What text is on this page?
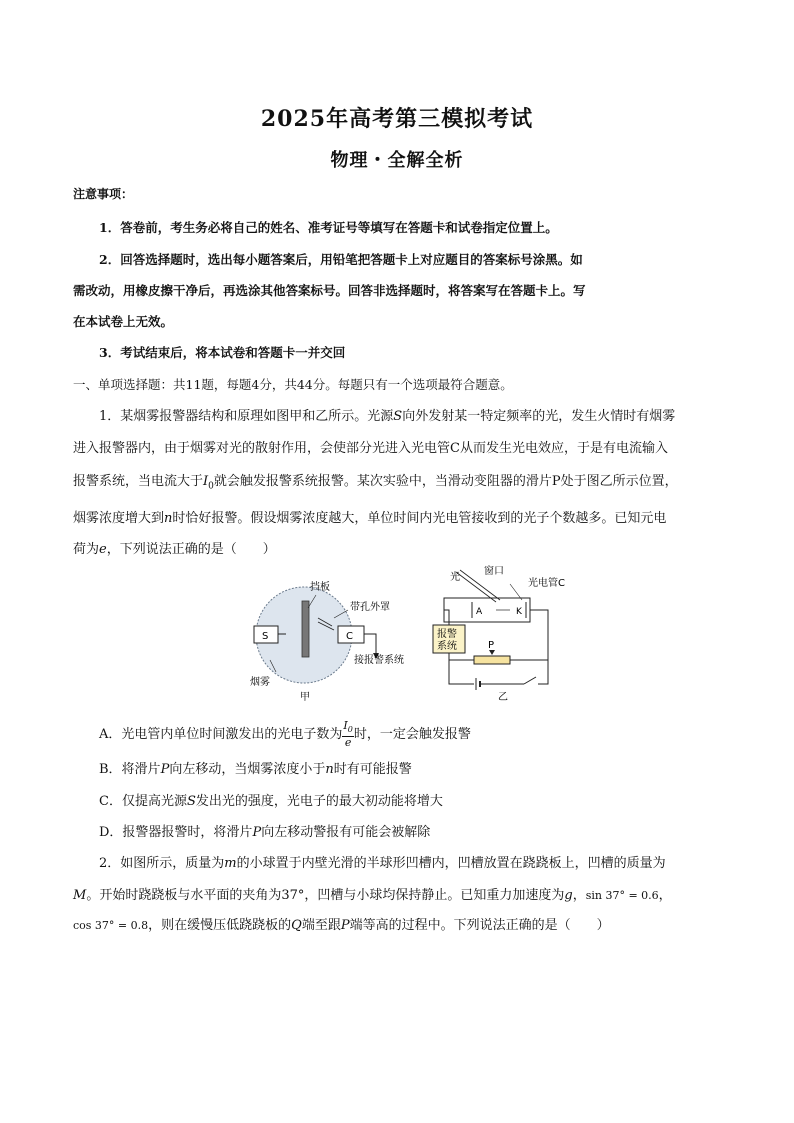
2025年高考第三模拟考试
物理・全解全析
注意事项：
1．答卷前，考生务必将自己的姓名、准考证号等填写在答题卡和试卷指定位置上。
2．回答选择题时，选出每小题答案后，用铅笔把答题卡上对应题目的答案标号涂黑。如
需改动，用橡皮擦干净后，再选涂其他答案标号。回答非选择题时，将答案写在答题卡上。写
在本试卷上无效。
3．考试结束后，将本试卷和答题卡一并交回
一、单项选择题：共11题，每题4分，共44分。每题只有一个选项最符合题意。
1．某烟雾报警器结构和原理如图甲和乙所示。光源S向外发射某一特定频率的光，发生火情时有烟雾
进入报警器内，由于烟雾对光的散射作用，会使部分光进入光电管C从而发生光电效应，于是有电流输入
报警系统，当电流大于$I_0$就会触发报警系统报警。某次实验中，当滑动变阻器的滑片P处于图乙所示位置，
烟雾浓度增大到n时恰好报警。假设烟雾浓度越大，单位时间内光电管接收到的光子个数越多。已知元电
荷为e，下列说法正确的是（　　）
S	C
挡板
带孔外罩
接报警系统
烟雾
甲
A	K
光
窗口
光电管C
报警
系统	P
乙
A．光电管内单位时间激发出的光电子数为 $\frac{I_0}{e}$ 时，一定会触发报警
B．将滑片P向左移动，当烟雾浓度小于n时有可能报警
C．仅提高光源S发出光的强度，光电子的最大初动能将增大
D．报警器报警时，将滑片P向左移动警报有可能会被解除
2．如图所示，质量为m的小球置于内壁光滑的半球形凹槽内，凹槽放置在跷跷板上，凹槽的质量为
M。开始时跷跷板与水平面的夹角为37°，凹槽与小球均保持静止。已知重力加速度为g，sin 37° = 0.6，
cos 37° = 0.8，则在缓慢压低跷跷板的Q端至跟P端等高的过程中。下列说法正确的是（　　）
